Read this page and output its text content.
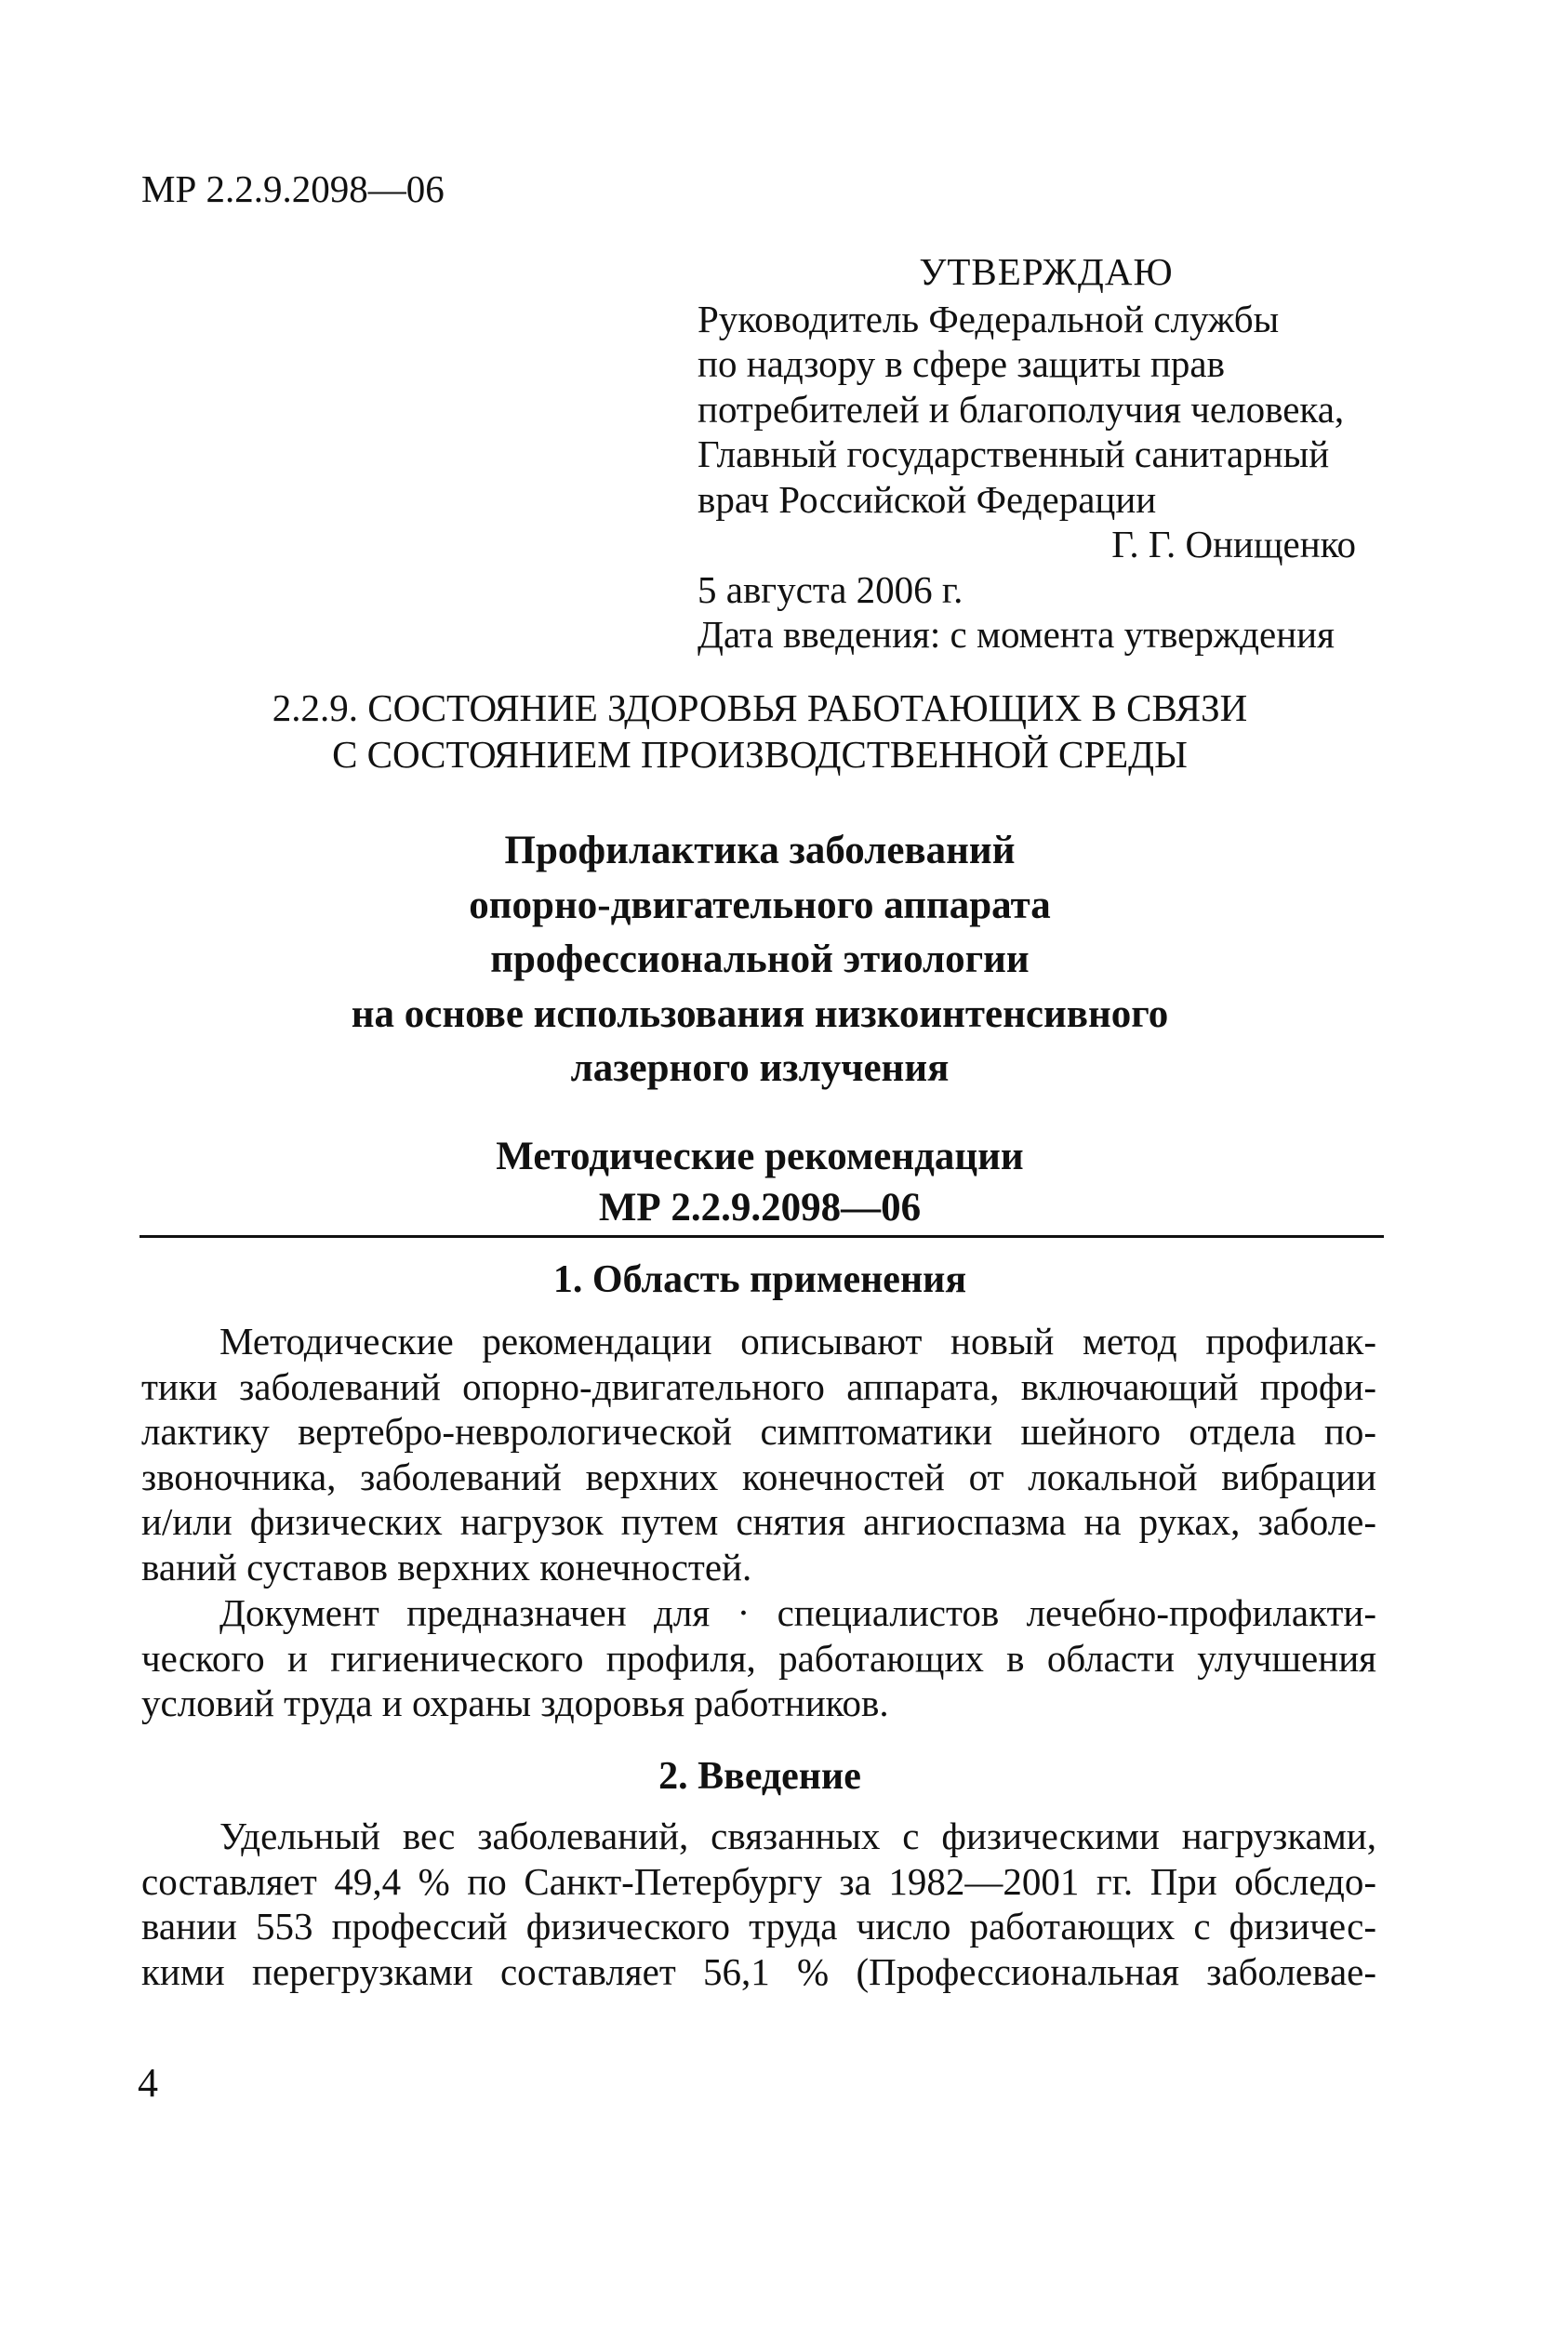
МР 2.2.9.2098—06
УТВЕРЖДАЮ
Руководитель Федеральной службы
по надзору в сфере защиты прав
потребителей и благополучия человека,
Главный государственный санитарный
врач Российской Федерации
Г. Г. Онищенко
5 августа 2006 г.
Дата введения: с момента утверждения
2.2.9. СОСТОЯНИЕ ЗДОРОВЬЯ РАБОТАЮЩИХ В СВЯЗИ
С СОСТОЯНИЕМ ПРОИЗВОДСТВЕННОЙ СРЕДЫ
Профилактика заболеваний
опорно-двигательного аппарата
профессиональной этиологии
на основе использования низкоинтенсивного
лазерного излучения
Методические рекомендации
МР 2.2.9.2098—06
1. Область применения
Методические рекомендации описывают новый метод профилак-
тики заболеваний опорно-двигательного аппарата, включающий профи-
лактику вертебро-неврологической симптоматики шейного отдела по-
звоночника, заболеваний верхних конечностей от локальной вибрации
и/или физических нагрузок путем снятия ангиоспазма на руках, заболе-
ваний суставов верхних конечностей.
Документ предназначен для · специалистов лечебно-профилакти-
ческого и гигиенического профиля, работающих в области улучшения
условий труда и охраны здоровья работников.
2. Введение
Удельный вес заболеваний, связанных с физическими нагрузками,
составляет 49,4 % по Санкт-Петербургу за 1982—2001 гг. При обследо-
вании 553 профессий физического труда число работающих с физичес-
кими перегрузками составляет 56,1 % (Профессиональная заболевае-
4
